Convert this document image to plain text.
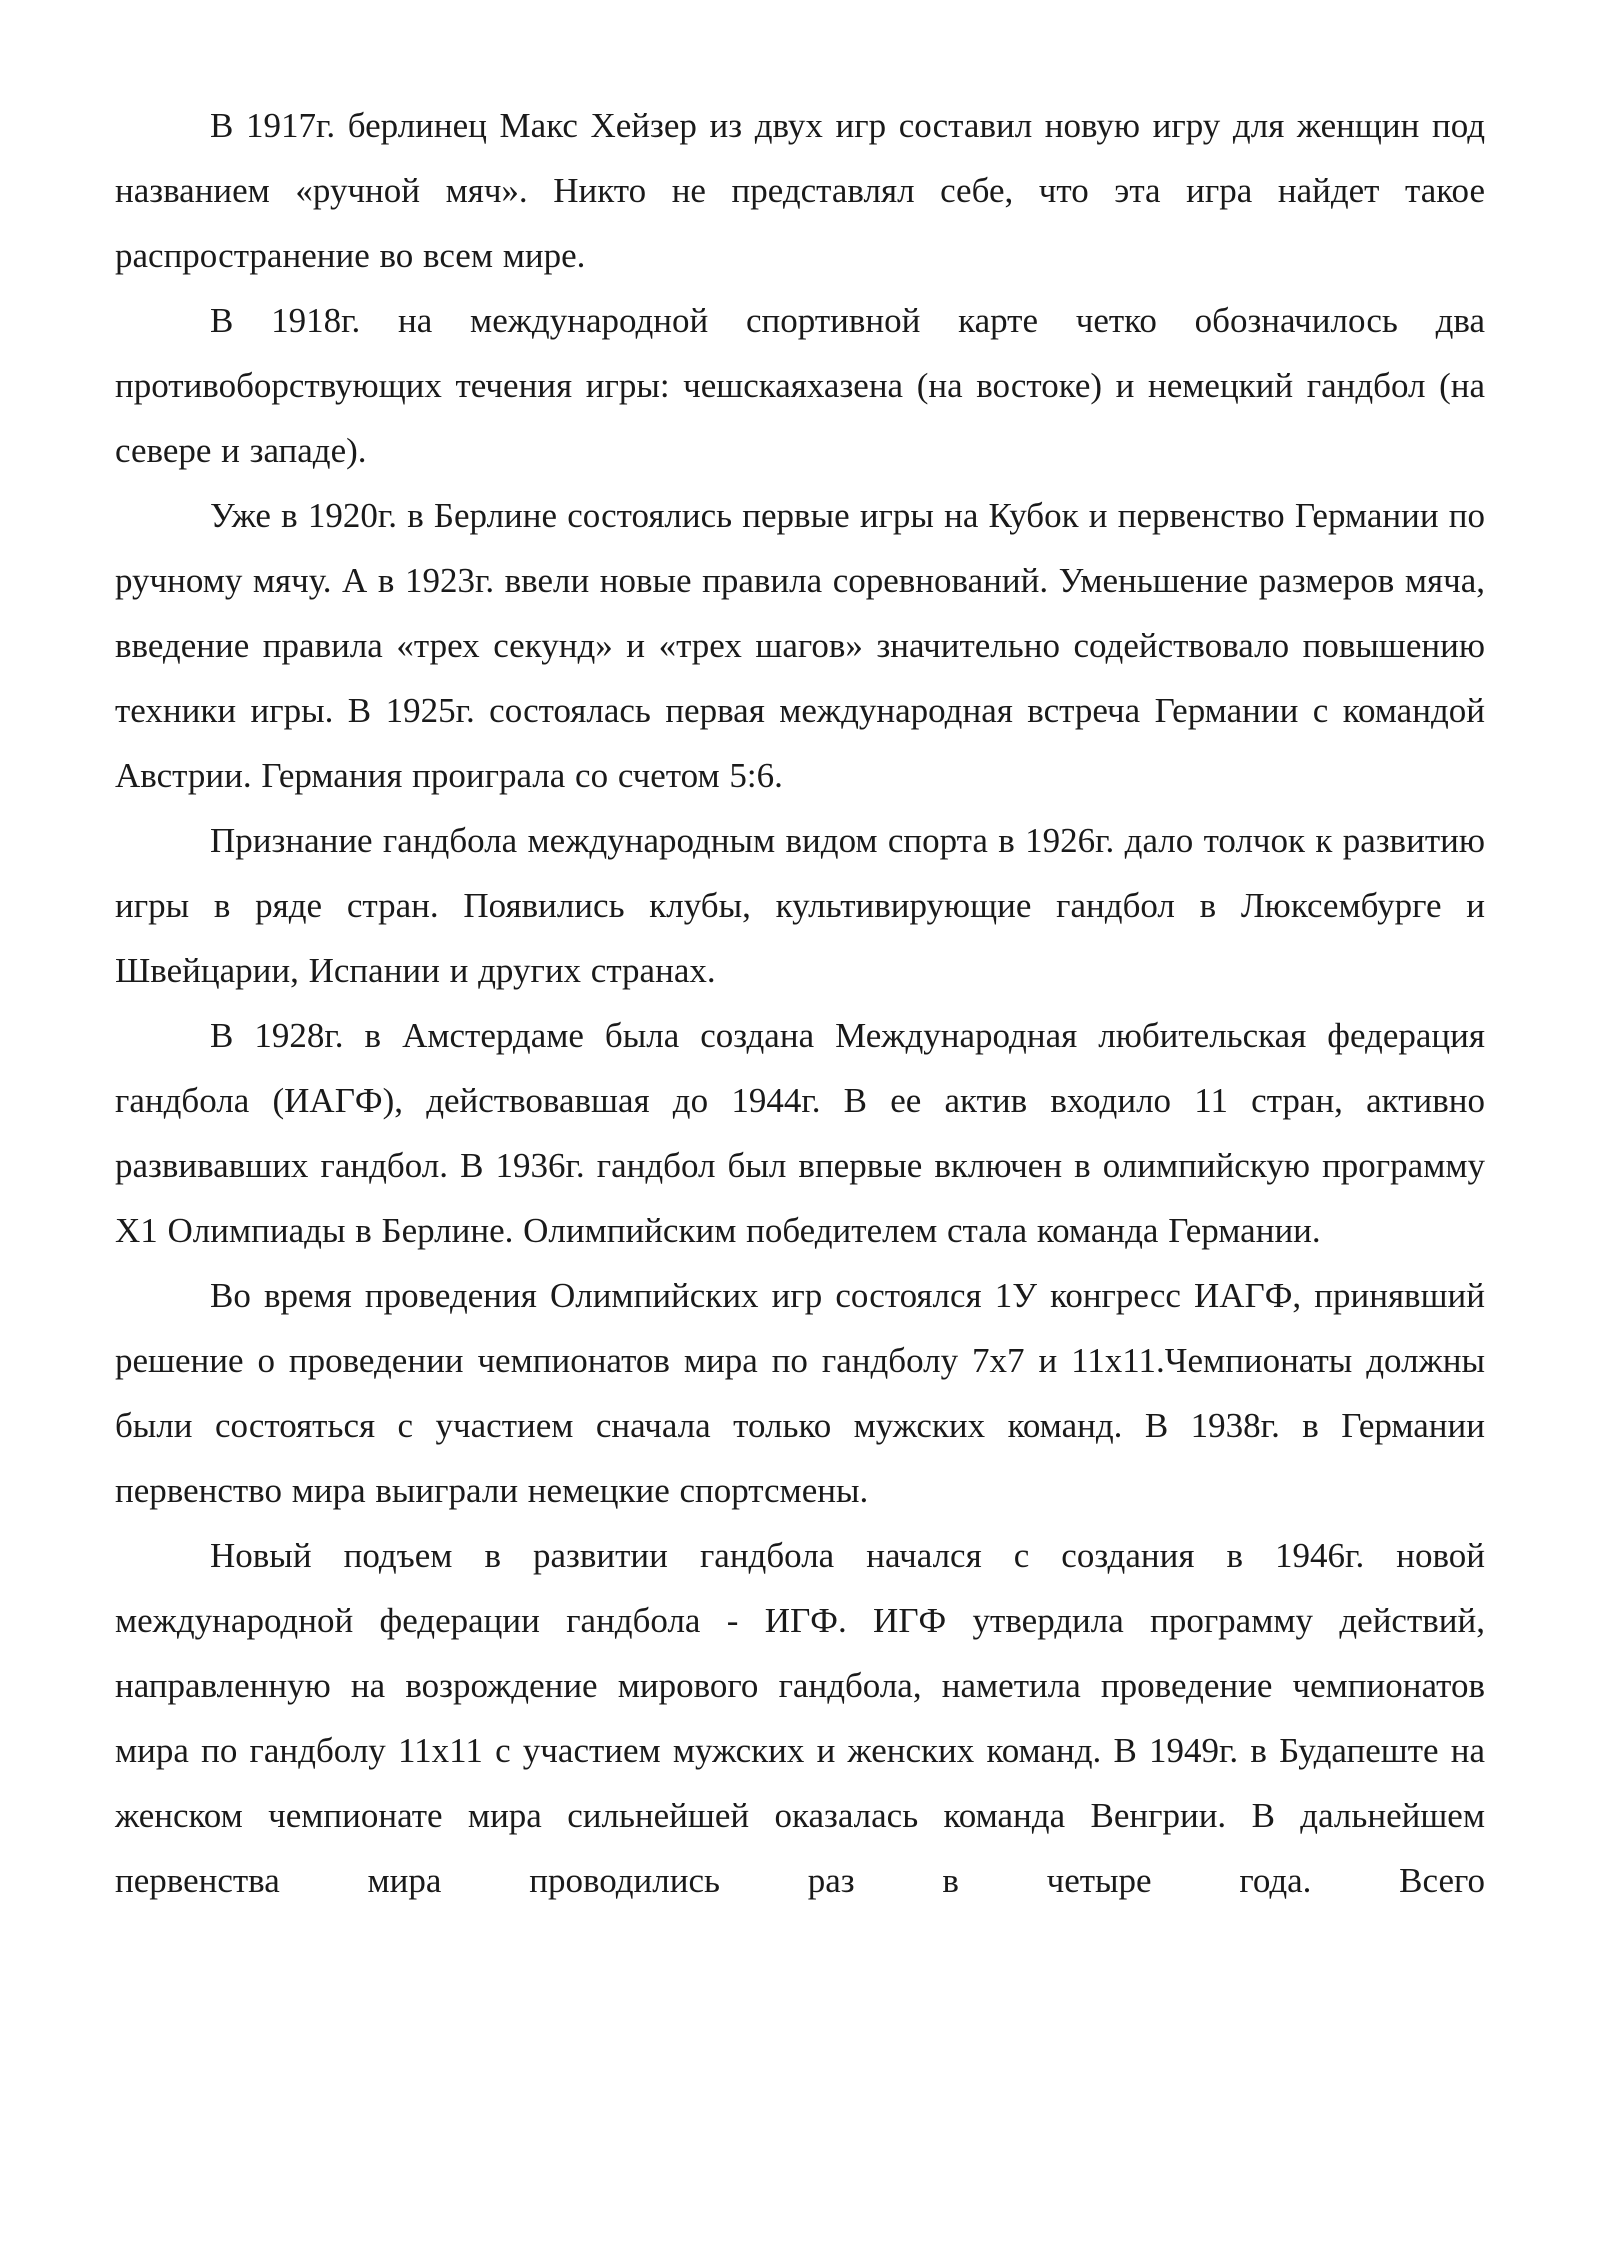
В 1917г. берлинец Макс Хейзер из двух игр составил новую игру для женщин под названием «ручной мяч». Никто не представлял себе, что эта игра найдет такое распространение во всем мире.

В 1918г. на международной спортивной карте четко обозначилось два противоборствующих течения игры: чешскаяхазена (на востоке) и немецкий гандбол (на севере и западе).

Уже в 1920г. в Берлине состоялись первые игры на Кубок и первенство Германии по ручному мячу. А в 1923г. ввели новые правила соревнований. Уменьшение размеров мяча, введение правила «трех секунд» и «трех шагов» значительно содействовало повышению техники игры. В 1925г. состоялась первая международная встреча Германии с командой Австрии. Германия проиграла со счетом 5:6.

Признание гандбола международным видом спорта в 1926г. дало толчок к развитию игры в ряде стран. Появились клубы, культивирующие гандбол в Люксембурге и Швейцарии, Испании и других странах.

В 1928г. в Амстердаме была создана Международная любительская федерация гандбола (ИАГФ), действовавшая до 1944г. В ее актив входило 11 стран, активно развивавших гандбол. В 1936г. гандбол был впервые включен в олимпийскую программу Х1 Олимпиады в Берлине. Олимпийским победителем стала команда Германии.

Во время проведения Олимпийских игр состоялся 1У конгресс ИАГФ, принявший решение о проведении чемпионатов мира по гандболу 7х7 и 11х11.Чемпионаты должны были состояться с участием сначала только мужских команд. В 1938г. в Германии первенство мира выиграли немецкие спортсмены.

Новый подъем в развитии гандбола начался с создания в 1946г. новой международной федерации гандбола - ИГФ. ИГФ утвердила программу действий, направленную на возрождение мирового гандбола, наметила проведение чемпионатов мира по гандболу 11х11 с участием мужских и женских команд. В 1949г. в Будапеште на женском чемпионате мира сильнейшей оказалась команда Венгрии. В дальнейшем первенства мира проводились раз в четыре года. Всего
